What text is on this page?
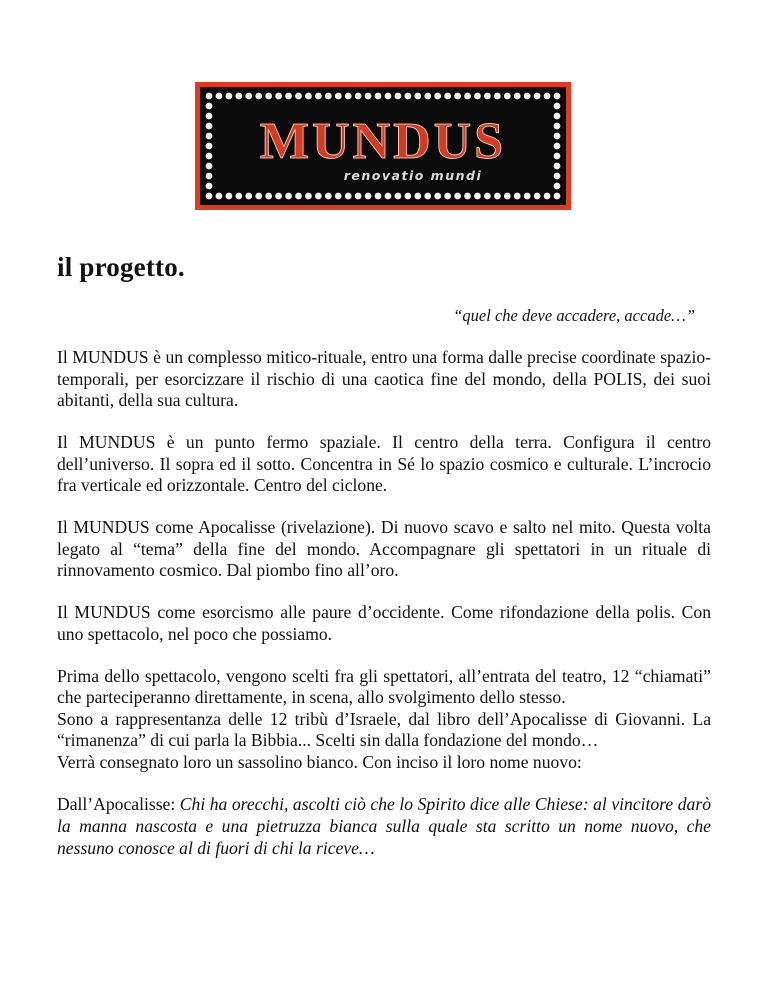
MUNDUS
renovatio mundi
il progetto.
“quel che deve accadere, accade…”

Il MUNDUS è un complesso mitico-rituale, entro una forma dalle precise coordinate spazio-temporali, per esorcizzare il rischio di una caotica fine del mondo, della POLIS, dei suoi abitanti, della sua cultura.

Il MUNDUS è un punto fermo spaziale. Il centro della terra. Configura il centro dell’universo. Il sopra ed il sotto. Concentra in Sé lo spazio cosmico e culturale. L’incrocio fra verticale ed orizzontale. Centro del ciclone.

Il MUNDUS come Apocalisse (rivelazione). Di nuovo scavo e salto nel mito. Questa volta legato al “tema” della fine del mondo. Accompagnare gli spettatori in un rituale di rinnovamento cosmico. Dal piombo fino all’oro.

Il MUNDUS come esorcismo alle paure d’occidente. Come rifondazione della polis. Con uno spettacolo, nel poco che possiamo.

Prima dello spettacolo, vengono scelti fra gli spettatori, all’entrata del teatro, 12 “chiamati” che parteciperanno direttamente, in scena, allo svolgimento dello stesso.

Sono a rappresentanza delle 12 tribù d’Israele, dal libro dell’Apocalisse di Giovanni. La “rimanenza” di cui parla la Bibbia... Scelti sin dalla fondazione del mondo…

Verrà consegnato loro un sassolino bianco. Con inciso il loro nome nuovo:

Dall’Apocalisse: Chi ha orecchi, ascolti ciò che lo Spirito dice alle Chiese: al vincitore darò la manna nascosta e una pietruzza bianca sulla quale sta scritto un nome nuovo, che nessuno conosce al di fuori di chi la riceve…
